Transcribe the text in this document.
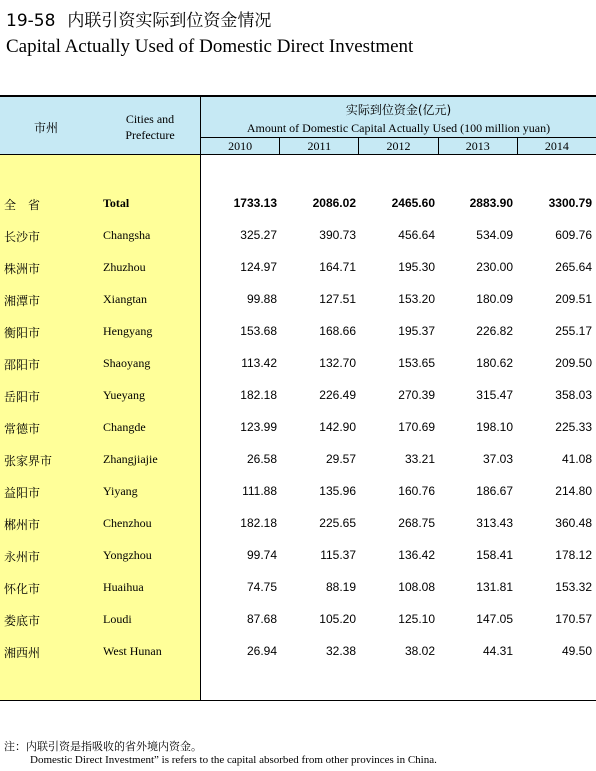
19-58 内联引资实际到位资金情况
Capital Actually Used of Domestic Direct Investment
市州
Cities and
Prefecture
实际到位资金(亿元)
Amount of Domestic Capital Actually Used (100 million yuan)
2010	2011	2012	2013	2014
全　省	Total	1733.13	2086.02	2465.60	2883.90	3300.79
长沙市	Changsha	325.27	390.73	456.64	534.09	609.76
株洲市	Zhuzhou	124.97	164.71	195.30	230.00	265.64
湘潭市	Xiangtan	99.88	127.51	153.20	180.09	209.51
衡阳市	Hengyang	153.68	168.66	195.37	226.82	255.17
邵阳市	Shaoyang	113.42	132.70	153.65	180.62	209.50
岳阳市	Yueyang	182.18	226.49	270.39	315.47	358.03
常德市	Changde	123.99	142.90	170.69	198.10	225.33
张家界市	Zhangjiajie	26.58	29.57	33.21	37.03	41.08
益阳市	Yiyang	111.88	135.96	160.76	186.67	214.80
郴州市	Chenzhou	182.18	225.65	268.75	313.43	360.48
永州市	Yongzhou	99.74	115.37	136.42	158.41	178.12
怀化市	Huaihua	74.75	88.19	108.08	131.81	153.32
娄底市	Loudi	87.68	105.20	125.10	147.05	170.57
湘西州	West Hunan	26.94	32.38	38.02	44.31	49.50
注：内联引资是指吸收的省外境内资金。
Domestic Direct Investment” is refers to the capital absorbed from other provinces in China.
